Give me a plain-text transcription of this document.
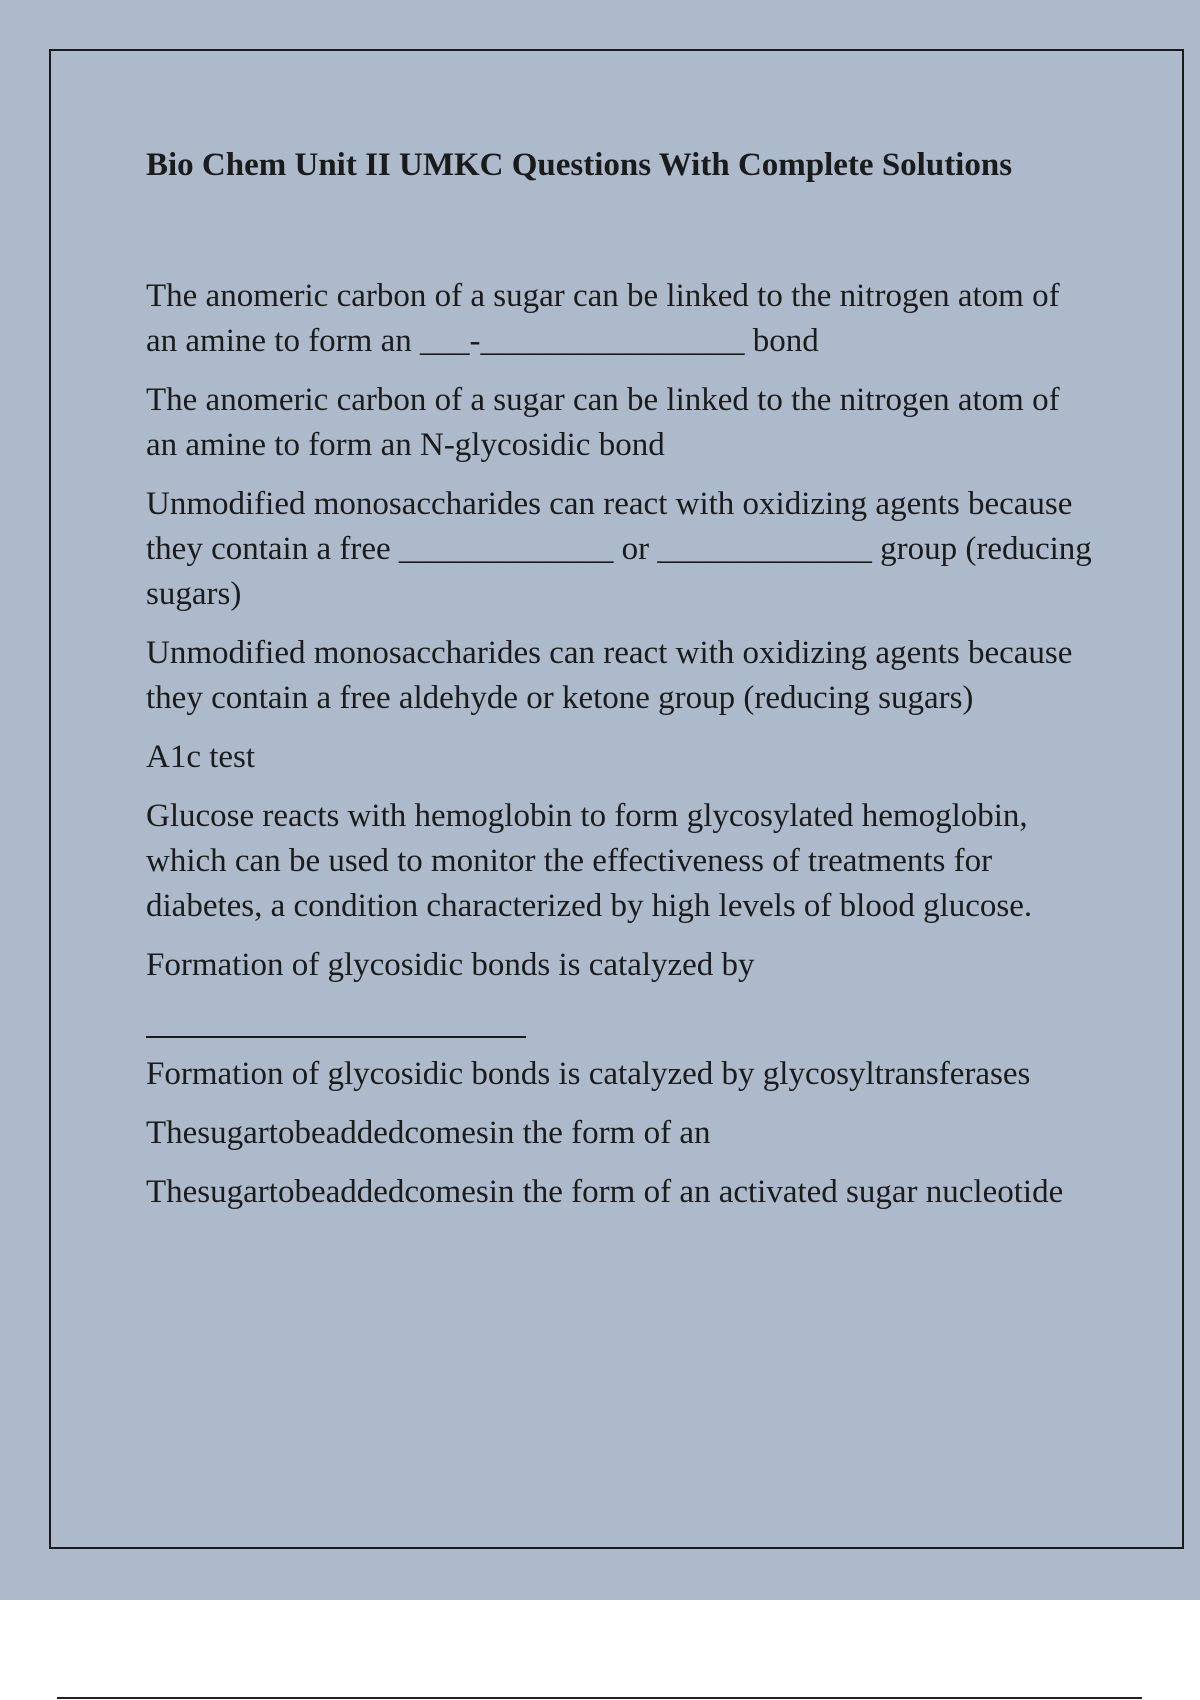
Bio Chem Unit II UMKC Questions With Complete Solutions

The anomeric carbon of a sugar can be linked to the nitrogen atom of an amine to form an ___-________________ bond

The anomeric carbon of a sugar can be linked to the nitrogen atom of an amine to form an N-glycosidic bond

Unmodified monosaccharides can react with oxidizing agents because they contain a free _____________ or _____________ group (reducing sugars)

Unmodified monosaccharides can react with oxidizing agents because they contain a free aldehyde or ketone group (reducing sugars)

A1c test

Glucose reacts with hemoglobin to form glycosylated hemoglobin, which can be used to monitor the effectiveness of treatments for diabetes, a condition characterized by high levels of blood glucose.

Formation of glycosidic bonds is catalyzed by

Formation of glycosidic bonds is catalyzed by glycosyltransferases

Thesugartobeaddedcomesin the form of an

Thesugartobeaddedcomesin the form of an activated sugar nucleotide
